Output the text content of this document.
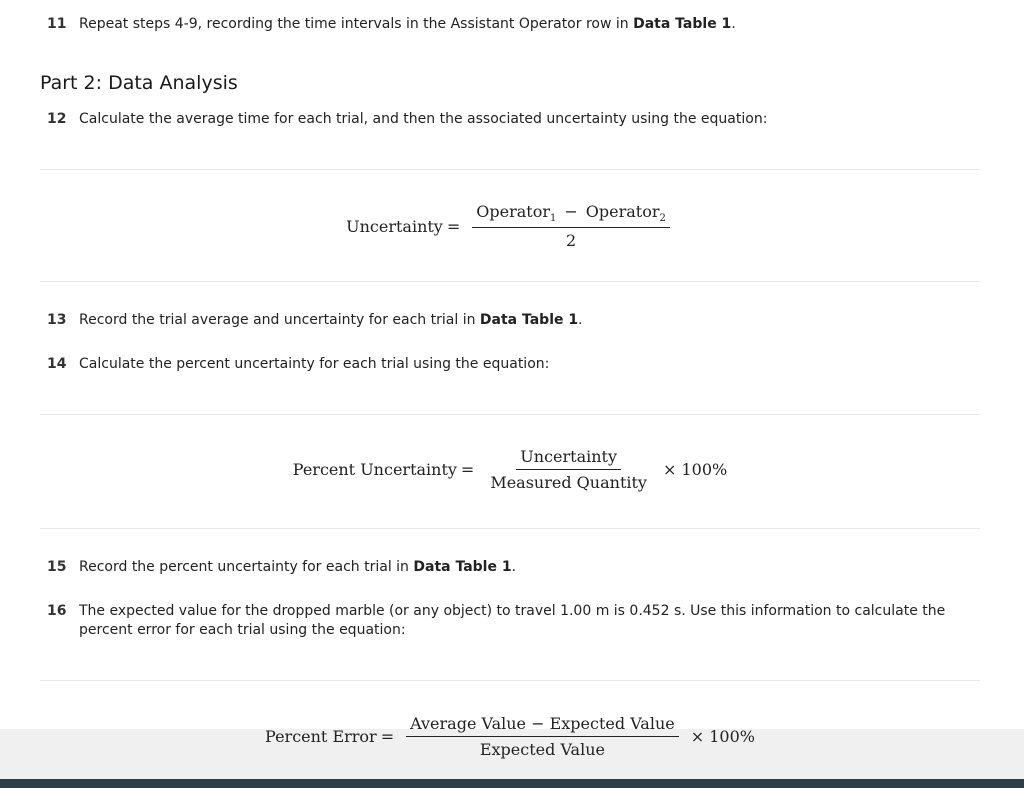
11 Repeat steps 4-9, recording the time intervals in the Assistant Operator row in Data Table 1.
Part 2: Data Analysis
12 Calculate the average time for each trial, and then the associated uncertainty using the equation:
Uncertainty = $\frac{Operator_1 - Operator_2}{2}$
13 Record the trial average and uncertainty for each trial in Data Table 1.
14 Calculate the percent uncertainty for each trial using the equation:
Percent Uncertainty = $\frac{\text{Uncertainty}}{\text{Measured Quantity}} \times 100\%$
15 Record the percent uncertainty for each trial in Data Table 1.
16 The expected value for the dropped marble (or any object) to travel 1.00 m is 0.452 s. Use this information to calculate the percent error for each trial using the equation:
Percent Error = $\frac{\text{Average Value − Expected Value}}{\text{Expected Value}} \times 100\%$
